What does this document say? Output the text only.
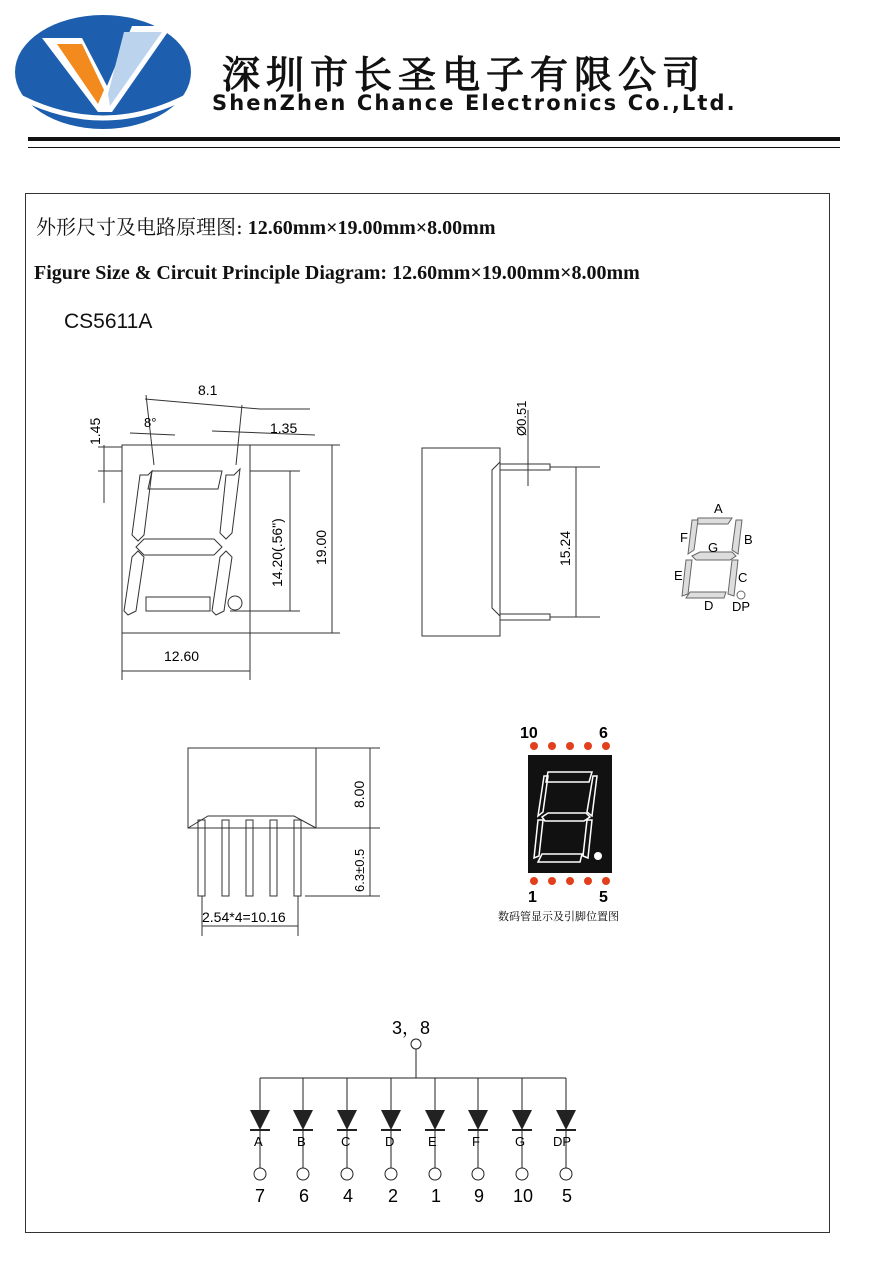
深圳市长圣电子有限公司
ShenZhen Chance Electronics Co.,Ltd.
外形尺寸及电路原理图: 12.60mm×19.00mm×8.00mm
Figure Size & Circuit Principle Diagram: 12.60mm×19.00mm×8.00mm
CS5611A
8.1
8°	1.35
1.45
14.20(.56") 19.00
12.60
Ø0.51
15.24
A
B
C
D
E
F
G
DP
8.00
6.3±0.5
2.54*4=10.16
10	6
1	5
数码管显示及引脚位置图
3，8
A	B	C	D	E	F	G DP
7 6 4 2 1 9 10 5
